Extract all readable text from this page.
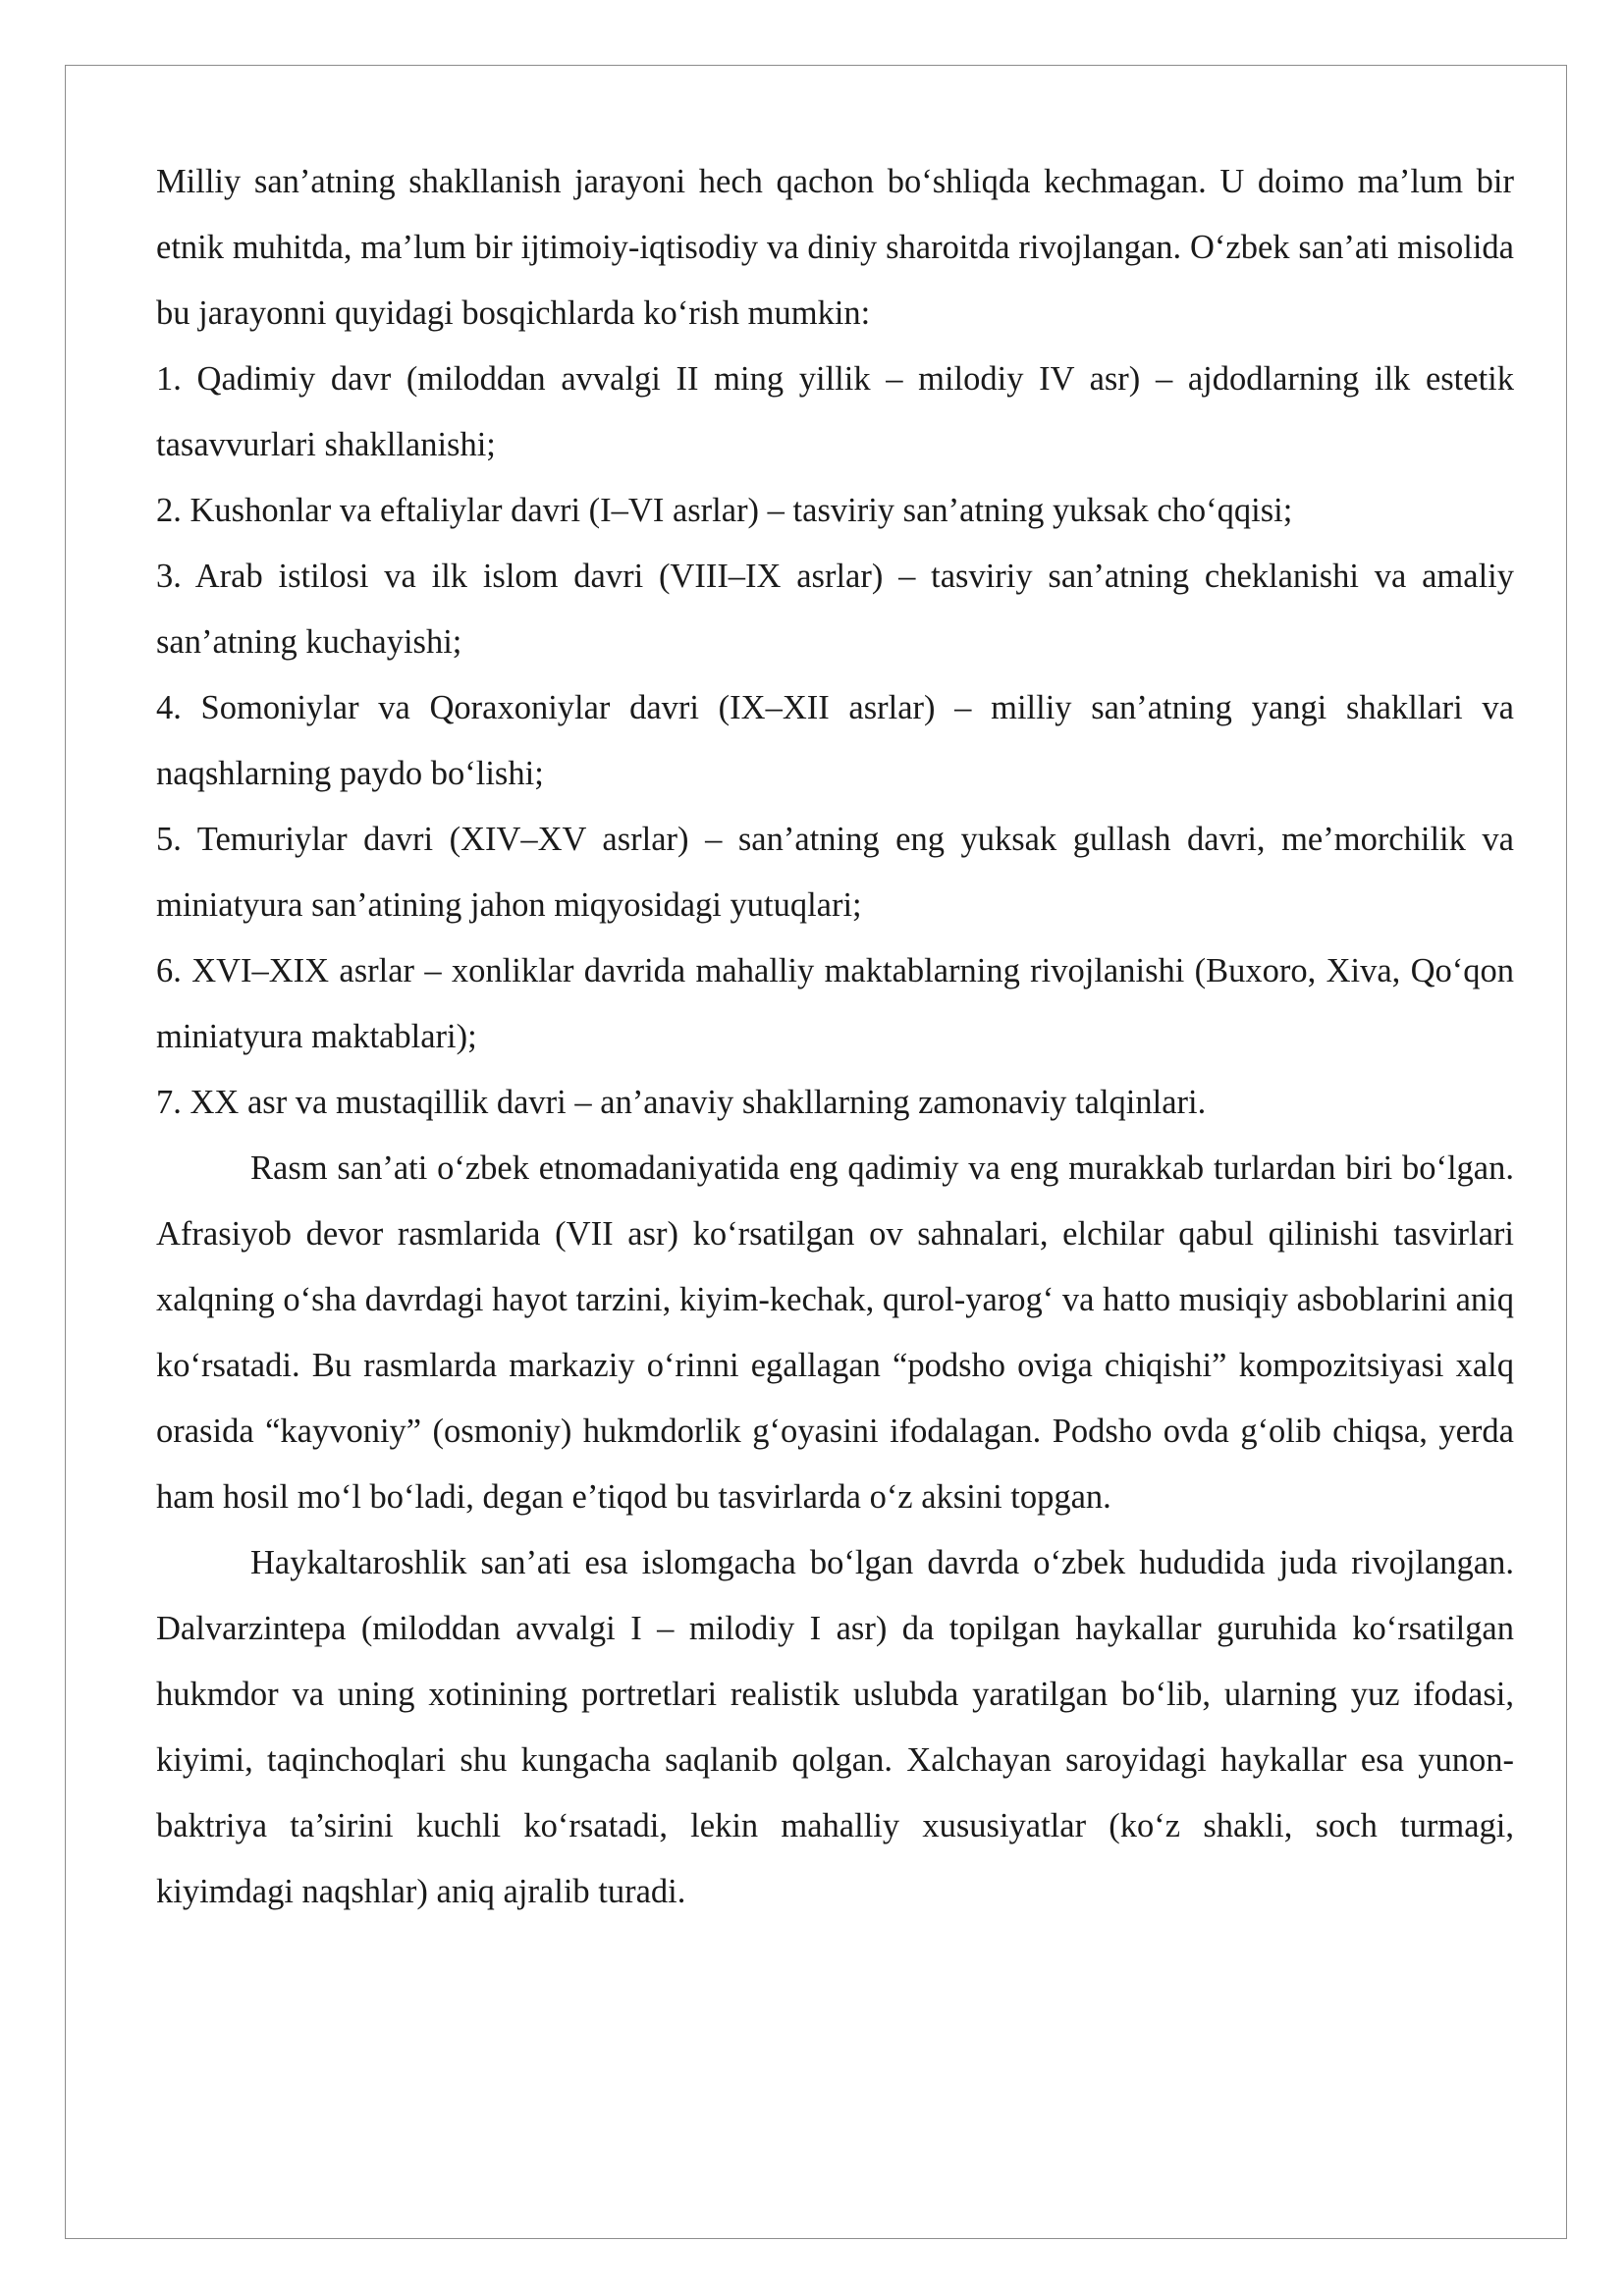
Milliy san’atning shakllanish jarayoni hech qachon bo‘shliqda kechmagan. U doimo ma’lum bir etnik muhitda, ma’lum bir ijtimoiy-iqtisodiy va diniy sharoitda rivojlangan. O‘zbek san’ati misolida bu jarayonni quyidagi bosqichlarda ko‘rish mumkin:

1. Qadimiy davr (miloddan avvalgi II ming yillik – milodiy IV asr) – ajdodlarning ilk estetik tasavvurlari shakllanishi;

2. Kushonlar va eftaliylar davri (I–VI asrlar) – tasviriy san’atning yuksak cho‘qqisi;

3. Arab istilosi va ilk islom davri (VIII–IX asrlar) – tasviriy san’atning cheklanishi va amaliy san’atning kuchayishi;

4. Somoniylar va Qoraxoniylar davri (IX–XII asrlar) – milliy san’atning yangi shakllari va naqshlarning paydo bo‘lishi;

5. Temuriylar davri (XIV–XV asrlar) – san’atning eng yuksak gullash davri, me’morchilik va miniatyura san’atining jahon miqyosidagi yutuqlari;

6. XVI–XIX asrlar – xonliklar davrida mahalliy maktablarning rivojlanishi (Buxoro, Xiva, Qo‘qon miniatyura maktablari);

7. XX asr va mustaqillik davri – an’anaviy shakllarning zamonaviy talqinlari.

Rasm san’ati o‘zbek etnomadaniyatida eng qadimiy va eng murakkab turlardan biri bo‘lgan. Afrasiyob devor rasmlarida (VII asr) ko‘rsatilgan ov sahnalari, elchilar qabul qilinishi tasvirlari xalqning o‘sha davrdagi hayot tarzini, kiyim-kechak, qurol-yarog‘ va hatto musiqiy asboblarini aniq ko‘rsatadi. Bu rasmlarda markaziy o‘rinni egallagan “podsho oviga chiqishi” kompozitsiyasi xalq orasida “kayvoniy” (osmoniy) hukmdorlik g‘oyasini ifodalagan. Podsho ovda g‘olib chiqsa, yerda ham hosil mo‘l bo‘ladi, degan e’tiqod bu tasvirlarda o‘z aksini topgan.

Haykaltaroshlik san’ati esa islomgacha bo‘lgan davrda o‘zbek hududida juda rivojlangan. Dalvarzintepa (miloddan avvalgi I – milodiy I asr) da topilgan haykallar guruhida ko‘rsatilgan hukmdor va uning xotinining portretlari realistik uslubda yaratilgan bo‘lib, ularning yuz ifodasi, kiyimi, taqinchoqlari shu kungacha saqlanib qolgan. Xalchayan saroyidagi haykallar esa yunon-baktriya ta’sirini kuchli ko‘rsatadi, lekin mahalliy xususiyatlar (ko‘z shakli, soch turmagi, kiyimdagi naqshlar) aniq ajralib turadi.
